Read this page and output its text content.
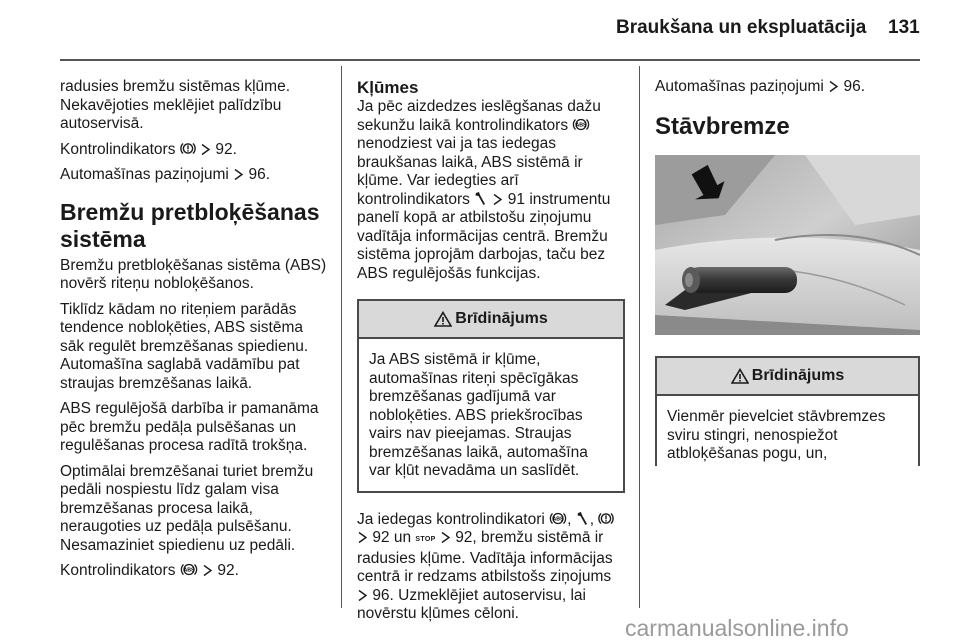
Braukšana un ekspluatācija 131

radusies bremžu sistēmas kļūme. Nekavējoties meklējiet palīdzību autoservisā.

Kontrolindikators	92.

Automašīnas paziņojumi 96.

Bremžu pretbloķēšanas sistēma

Bremžu pretbloķēšanas sistēma (ABS) novērš riteņu nobloķēšanos.

Tiklīdz kādam no riteņiem parādās tendence nobloķēties, ABS sistēma sāk regulēt bremzēšanas spiedienu. Automašīna saglabā vadāmību pat straujas bremzēšanas laikā.

ABS regulējošā darbība ir pamanāma pēc bremžu pedāļa pulsēšanas un regulēšanas procesa radītā trokšņa.

Optimālai bremzēšanai turiet bremžu pedāli nospiestu līdz galam visa bremzēšanas procesa laikā, neraugoties uz pedāļa pulsēšanu. Nesamaziniet spiedienu uz pedāli.

Kontrolindikators ABS 92.

Kļūmes

Ja pēc aizdedzes ieslēgšanas dažu sekunžu laikā kontrolindikators ABS
nenodziest vai ja tas iedegas braukšanas laikā, ABS sistēmā ir kļūme. Var iedegties arī kontrolindikators 91 instrumentu panelī kopā ar atbilstošu ziņojumu vadītāja informācijas centrā. Bremžu sistēma joprojām darbojas, taču bez ABS regulējošās funkcijas.

Brīdinājums

Ja ABS sistēmā ir kļūme, automašīnas riteņi spēcīgākas bremzēšanas gadījumā var nobloķēties. ABS priekšrocības vairs nav pieejamas. Straujas bremzēšanas laikā, automašīna var kļūt nevadāma un saslīdēt.

Ja iedegas kontrolindikatori ABS , ,   92 un STOP 92, bremžu sistēmā ir radusies kļūme. Vadītāja informācijas centrā ir redzams atbilstošs ziņojums  96. Uzmeklējiet autoservisu, lai novērstu kļūmes cēloni.

Automašīnas paziņojumi 96.

Stāvbremze
Brīdinājums

Vienmēr pievelciet stāvbremzes sviru stingri, nenospiežot atbloķēšanas pogu, un,

carmanualsonline.info
